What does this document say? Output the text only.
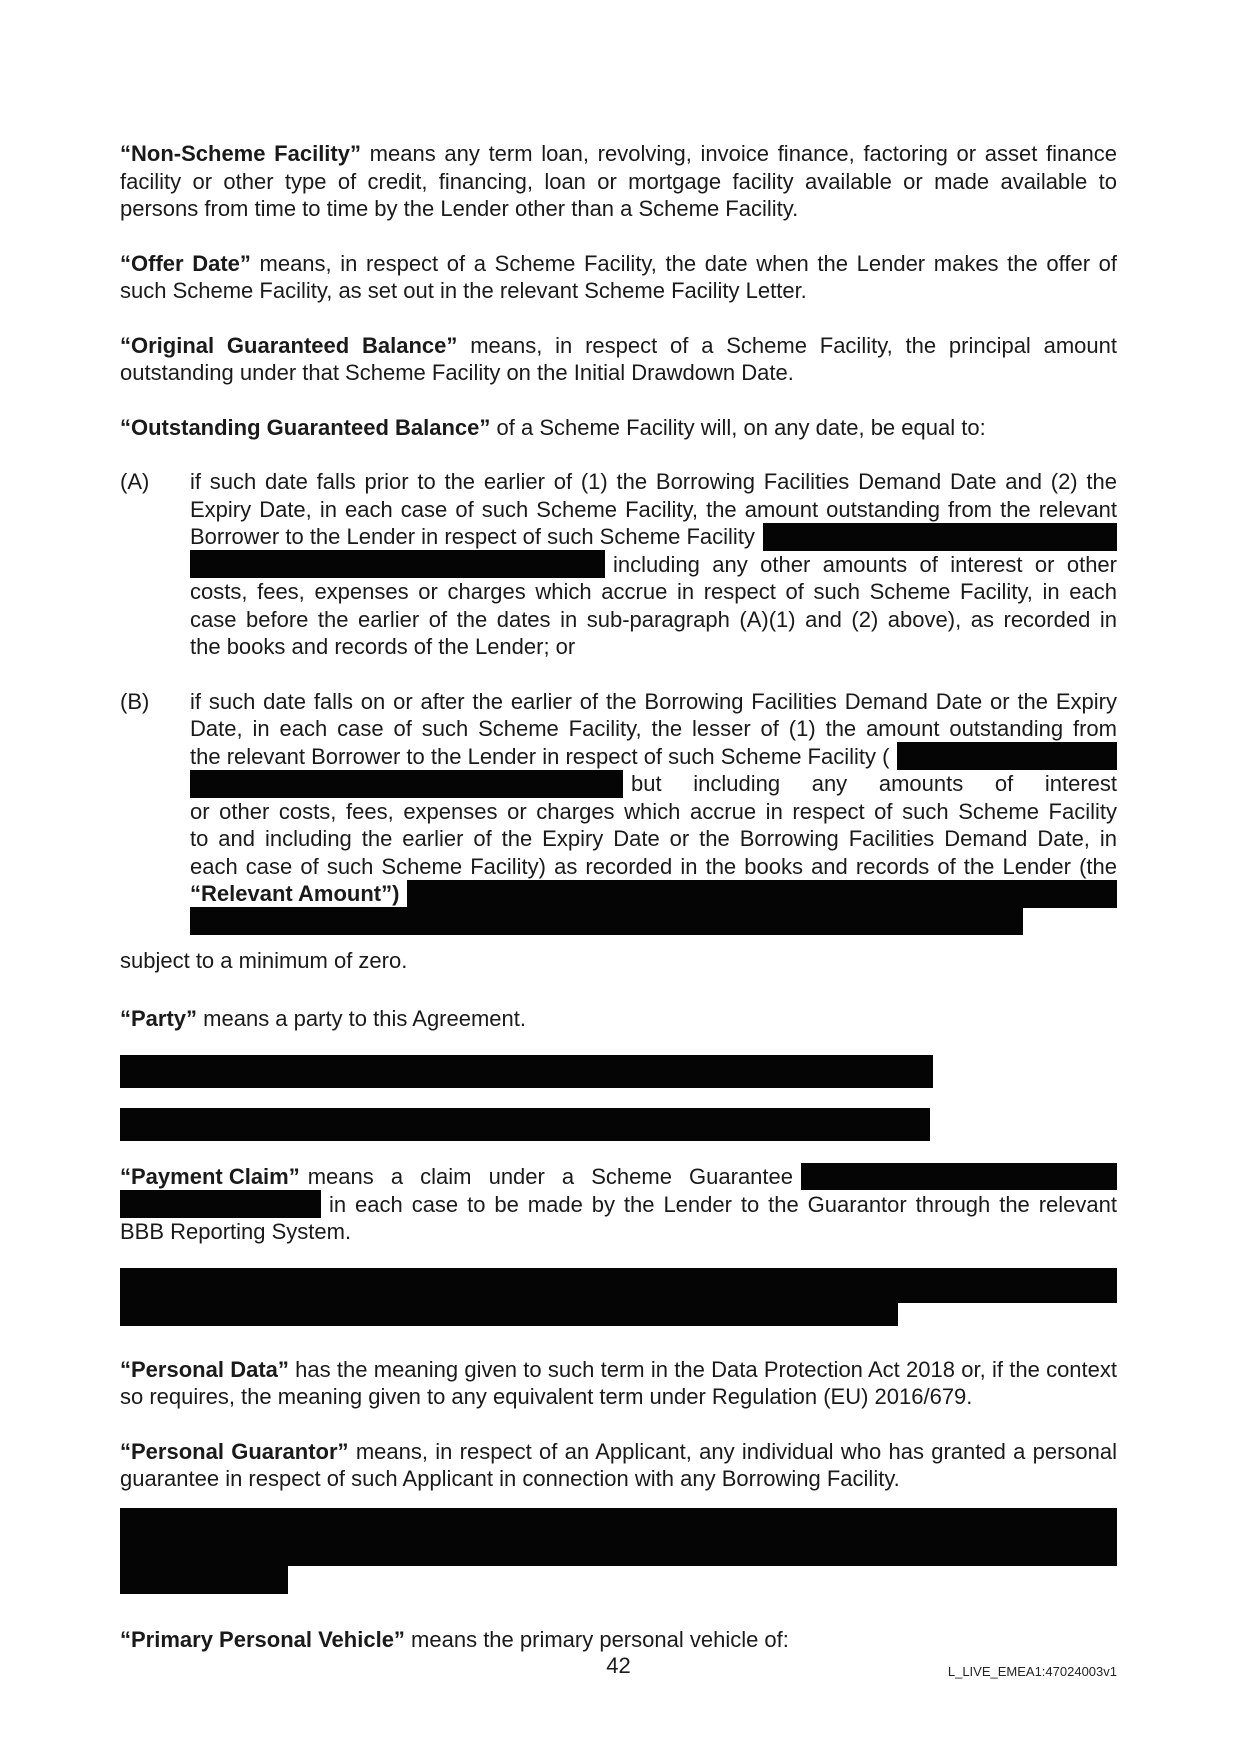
“Non-Scheme Facility” means any term loan, revolving, invoice finance, factoring or asset finance facility or other type of credit, financing, loan or mortgage facility available or made available to persons from time to time by the Lender other than a Scheme Facility.
“Offer Date” means, in respect of a Scheme Facility, the date when the Lender makes the offer of such Scheme Facility, as set out in the relevant Scheme Facility Letter.
“Original Guaranteed Balance” means, in respect of a Scheme Facility, the principal amount outstanding under that Scheme Facility on the Initial Drawdown Date.
“Outstanding Guaranteed Balance” of a Scheme Facility will, on any date, be equal to:
(A)	if such date falls prior to the earlier of (1) the Borrowing Facilities Demand Date and (2) the
Expiry Date, in each case of such Scheme Facility, the amount outstanding from the relevant
Borrower to the Lender in respect of such Scheme Facility
including any other amounts of interest or other
costs, fees, expenses or charges which accrue in respect of such Scheme Facility, in each
case before the earlier of the dates in sub-paragraph (A)(1) and (2) above), as recorded in
the books and records of the Lender; or
(B)	if such date falls on or after the earlier of the Borrowing Facilities Demand Date or the Expiry
Date, in each case of such Scheme Facility, the lesser of (1) the amount outstanding from
the relevant Borrower to the Lender in respect of such Scheme Facility (
but including any amounts of interest
or other costs, fees, expenses or charges which accrue in respect of such Scheme Facility
to and including the earlier of the Expiry Date or the Borrowing Facilities Demand Date, in
each case of such Scheme Facility) as recorded in the books and records of the Lender (the
“Relevant Amount”)
subject to a minimum of zero.
“Party” means a party to this Agreement.
“Payment Claim” means a claim under a Scheme Guarantee
in each case to be made by the Lender to the Guarantor through the relevant
BBB Reporting System.
“Personal Data” has the meaning given to such term in the Data Protection Act 2018 or, if the context so requires, the meaning given to any equivalent term under Regulation (EU) 2016/679.
“Personal Guarantor” means, in respect of an Applicant, any individual who has granted a personal guarantee in respect of such Applicant in connection with any Borrowing Facility.
“Primary Personal Vehicle” means the primary personal vehicle of:
42	L_LIVE_EMEA1:47024003v1
